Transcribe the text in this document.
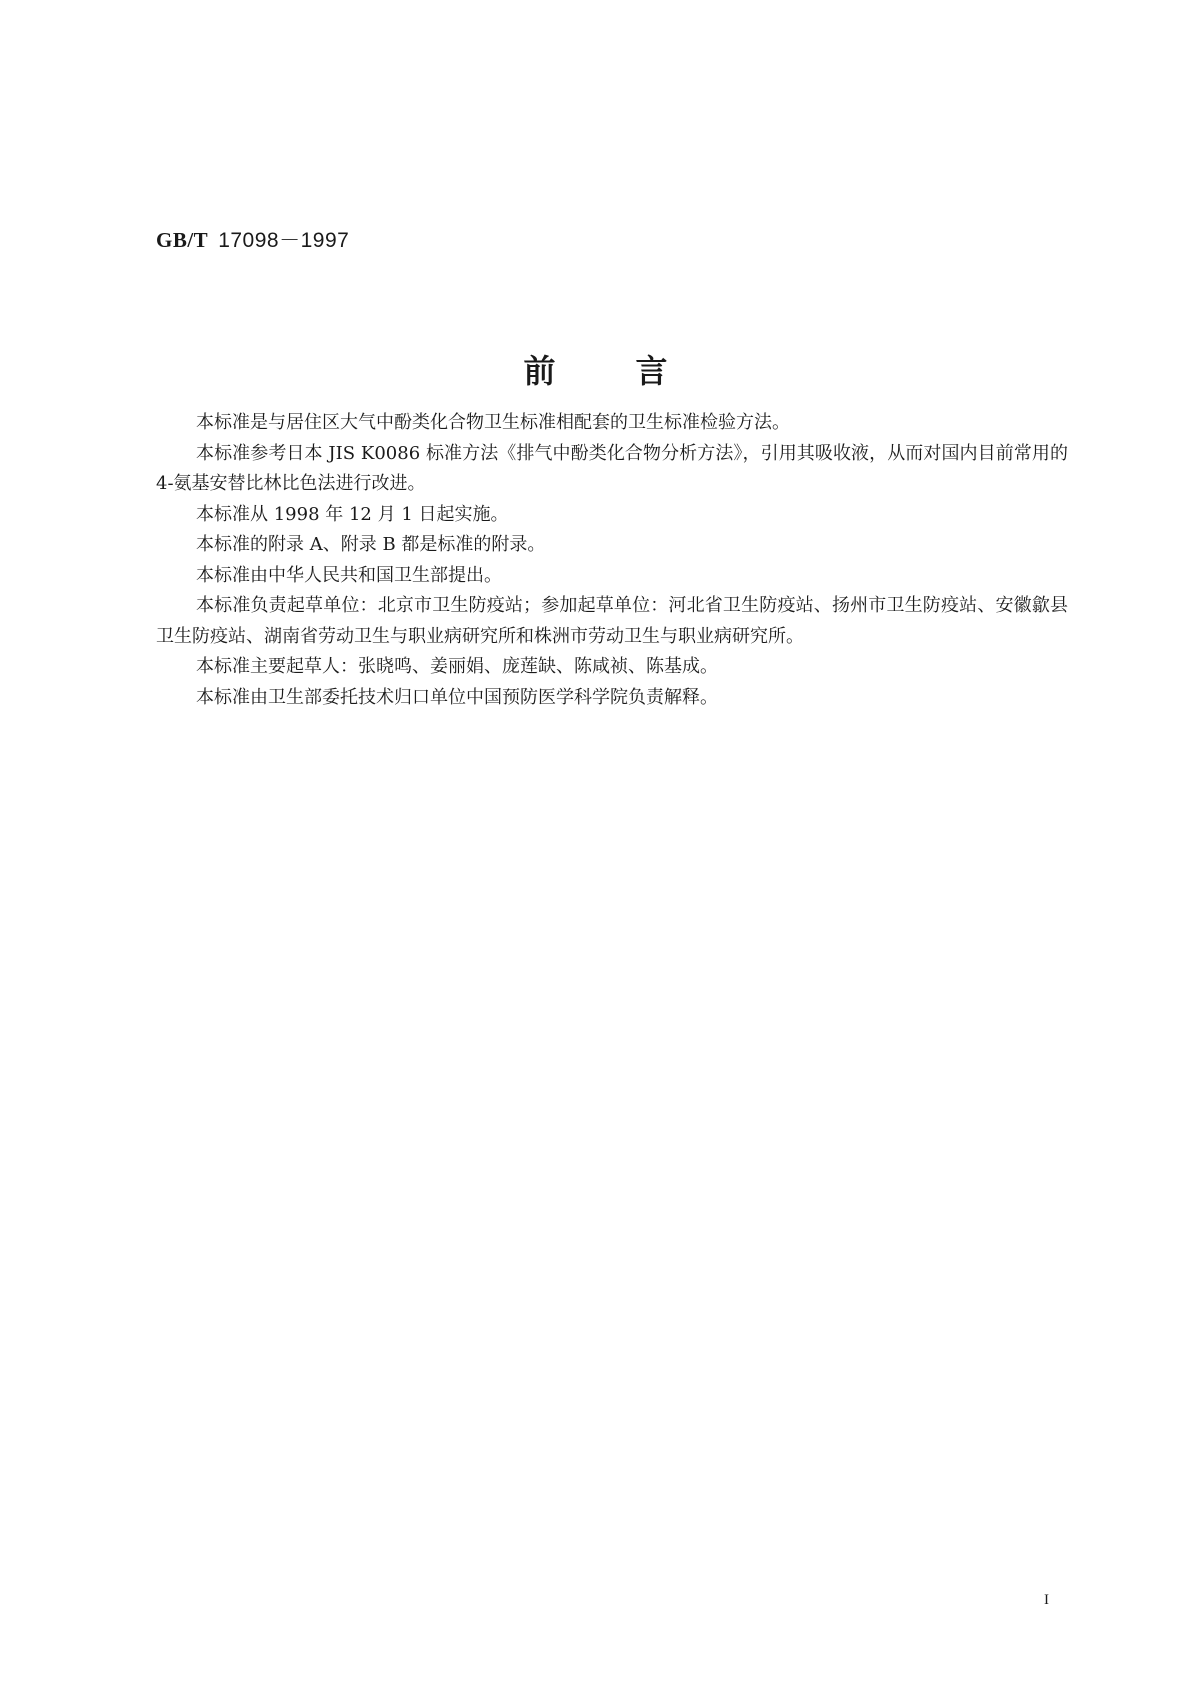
GB/T 17098－1997
前言

本标准是与居住区大气中酚类化合物卫生标准相配套的卫生标准检验方法。

本标准参考日本 JIS K0086 标准方法《排气中酚类化合物分析方法》，引用其吸收液，从而对国内目前常用的 4-氨基安替比林比色法进行改进。

本标准从 1998 年 12 月 1 日起实施。

本标准的附录 A、附录 B 都是标准的附录。

本标准由中华人民共和国卫生部提出。

本标准负责起草单位：北京市卫生防疫站；参加起草单位：河北省卫生防疫站、扬州市卫生防疫站、安徽歙县卫生防疫站、湖南省劳动卫生与职业病研究所和株洲市劳动卫生与职业病研究所。

本标准主要起草人：张晓鸣、姜丽娟、庞莲缺、陈咸祯、陈基成。

本标准由卫生部委托技术归口单位中国预防医学科学院负责解释。

I
